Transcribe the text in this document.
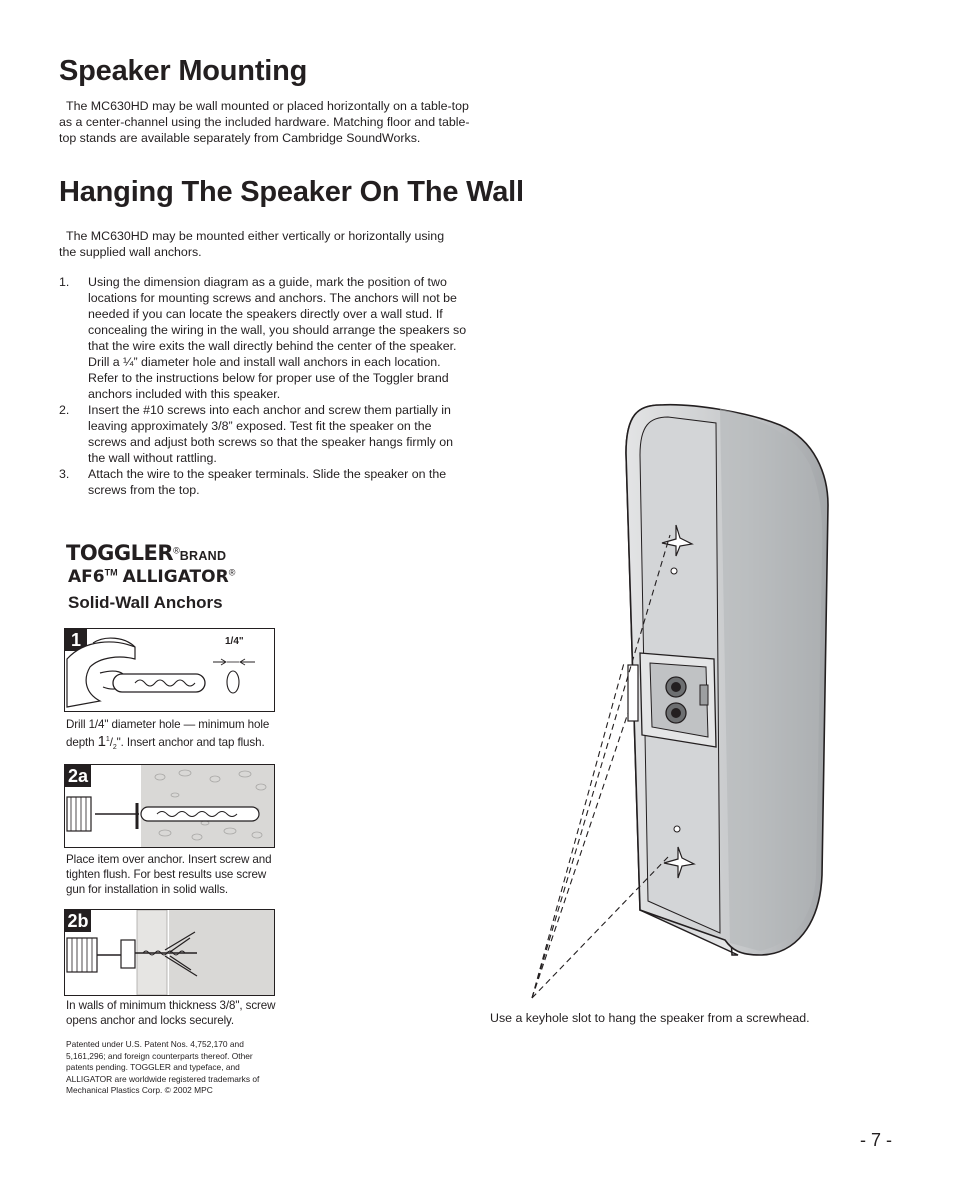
Speaker Mounting
The MC630HD may be wall mounted or placed horizontally on a table-top as a center-channel using the included hardware. Matching floor and table-top stands are available separately from Cambridge SoundWorks.
Hanging The Speaker On The Wall
The MC630HD may be mounted either vertically or horizontally using the supplied wall anchors.
1. Using the dimension diagram as a guide, mark the position of two locations for mounting screws and anchors. The anchors will not be needed if you can locate the speakers directly over a wall stud. If concealing the wiring in the wall, you should arrange the speakers so that the wire exits the wall directly behind the center of the speaker. Drill a ¼” diameter hole and install wall anchors in each location. Refer to the instructions below for proper use of the Toggler brand anchors included with this speaker.
2. Insert the #10 screws into each anchor and screw them partially in leaving approximately 3/8” exposed. Test fit the speaker on the screws and adjust both screws so that the speaker hangs firmly on the wall without rattling.
3. Attach the wire to the speaker terminals. Slide the speaker on the screws from the top.
TOGGLER®BRAND
AF6™ ALLIGATOR®
Solid-Wall Anchors
1	1/4"
Drill 1/4" diameter hole — minimum hole
depth $1^1/_2$". Insert anchor and tap flush.
2a
Place item over anchor. Insert screw and tighten flush. For best results use screw gun for installation in solid walls.
2b
In walls of minimum thickness 3/8", screw opens anchor and locks securely.
Patented under U.S. Patent Nos. 4,752,170 and 5,161,296; and foreign counterparts thereof. Other patents pending. TOGGLER and typeface, and ALLIGATOR are worldwide registered trademarks of Mechanical Plastics Corp. © 2002 MPC
Use a keyhole slot to hang the speaker from a screwhead.
- 7 -
